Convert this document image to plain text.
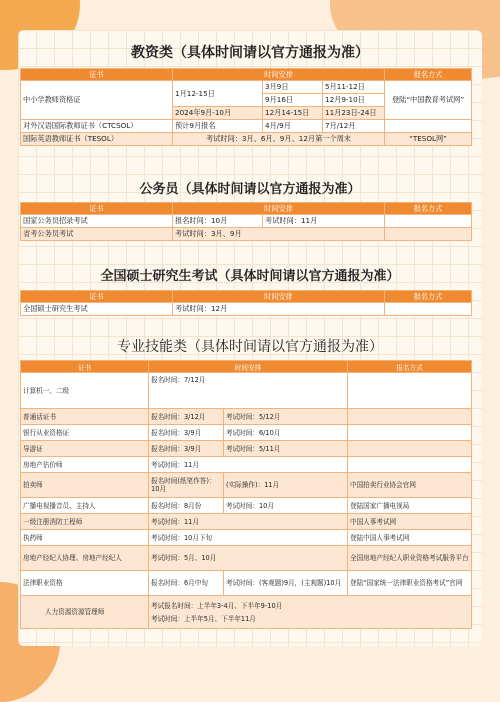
教资类（具体时间请以官方通报为准）
证书	时间安排			报名方式
中小学教师资格证	1月12-15日	3月9日	5月11-12日	登陆“中国教育考试网”
		9月16日	12月9-10日	
	2024年9月-10月	12月14-15日	11月23日-24日	
对外汉语国际教师证书（CTCSOL）	预计9月报名	4月/9月	7月/12月	
国际英语教师证书（TESOL）	考试时间：3月、6月、9月、12月第一个周末			“TESOL网”
公务员（具体时间请以官方通报为准）
证书	时间安排		报名方式
国家公务员招录考试	报名时间：10月	考试时间：11月	
省考公务员考试	考试时间：3月、9月		
全国硕士研究生考试（具体时间请以官方通报为准）
证书	时间安排	报名方式
全国硕士研究生考试	考试时间：12月	
专业技能类（具体时间请以官方通报为准）
证书	时间安排		报名方式
计算机一、二级	报名时间：7/12月		
普通话证书	报名时间：3/12月	考试时间：5/12月	
银行从业资格证	报名时间：3/9月	考试时间：6/10月	
导游证	报名时间：3/9月	考试时间：5/11月	
房地产估价师	考试时间：11月		
拍卖师	报名时间(纸笔作答)：10月	(实际操作)：11月	中国拍卖行业协会官网
广播电视播音员、主持人	报名时间：8月份	考试时间：10月	登陆国家广播电视局
一级注册消防工程师	考试时间：11月		中国人事考试网
执药师	考试时间：10月下旬		登陆中国人事考试网
房地产经纪人协理、房地产经纪人	考试时间：5月、10月		全国房地产经纪人职业资格考试服务平台
法律职业资格	报名时间：6月中旬	考试时间：(客观题)9月，(主观题)10月	登陆“国家统一法律职业资格考试”官网
人力资源资源管理师	考试报名时间：上半年3-4月、下半年9-10月
考试时间：上半年5月、下半年11月		
